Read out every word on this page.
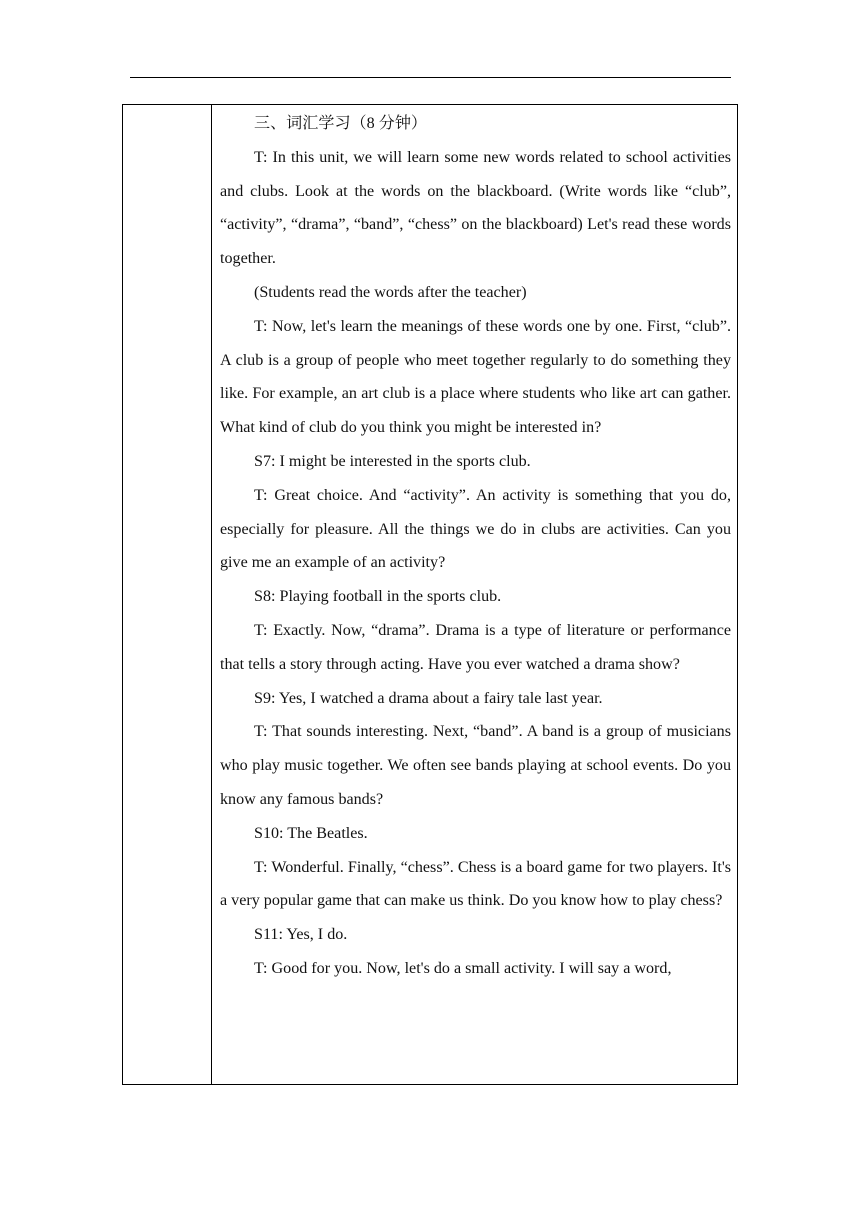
三、词汇学习（8 分钟）

T: In this unit, we will learn some new words related to school activities and clubs. Look at the words on the blackboard. (Write words like “club”, “activity”, “drama”, “band”, “chess” on the blackboard) Let's read these words together.

(Students read the words after the teacher)

T: Now, let's learn the meanings of these words one by one. First, “club”. A club is a group of people who meet together regularly to do something they like. For example, an art club is a place where students who like art can gather. What kind of club do you think you might be interested in?

S7: I might be interested in the sports club.

T: Great choice. And “activity”. An activity is something that you do, especially for pleasure. All the things we do in clubs are activities. Can you give me an example of an activity?

S8: Playing football in the sports club.

T: Exactly. Now, “drama”. Drama is a type of literature or performance that tells a story through acting. Have you ever watched a drama show?

S9: Yes, I watched a drama about a fairy tale last year.

T: That sounds interesting. Next, “band”. A band is a group of musicians who play music together. We often see bands playing at school events. Do you know any famous bands?

S10: The Beatles.

T: Wonderful. Finally, “chess”. Chess is a board game for two players. It's a very popular game that can make us think. Do you know how to play chess?

S11: Yes, I do.

T: Good for you. Now, let's do a small activity. I will say a word,
